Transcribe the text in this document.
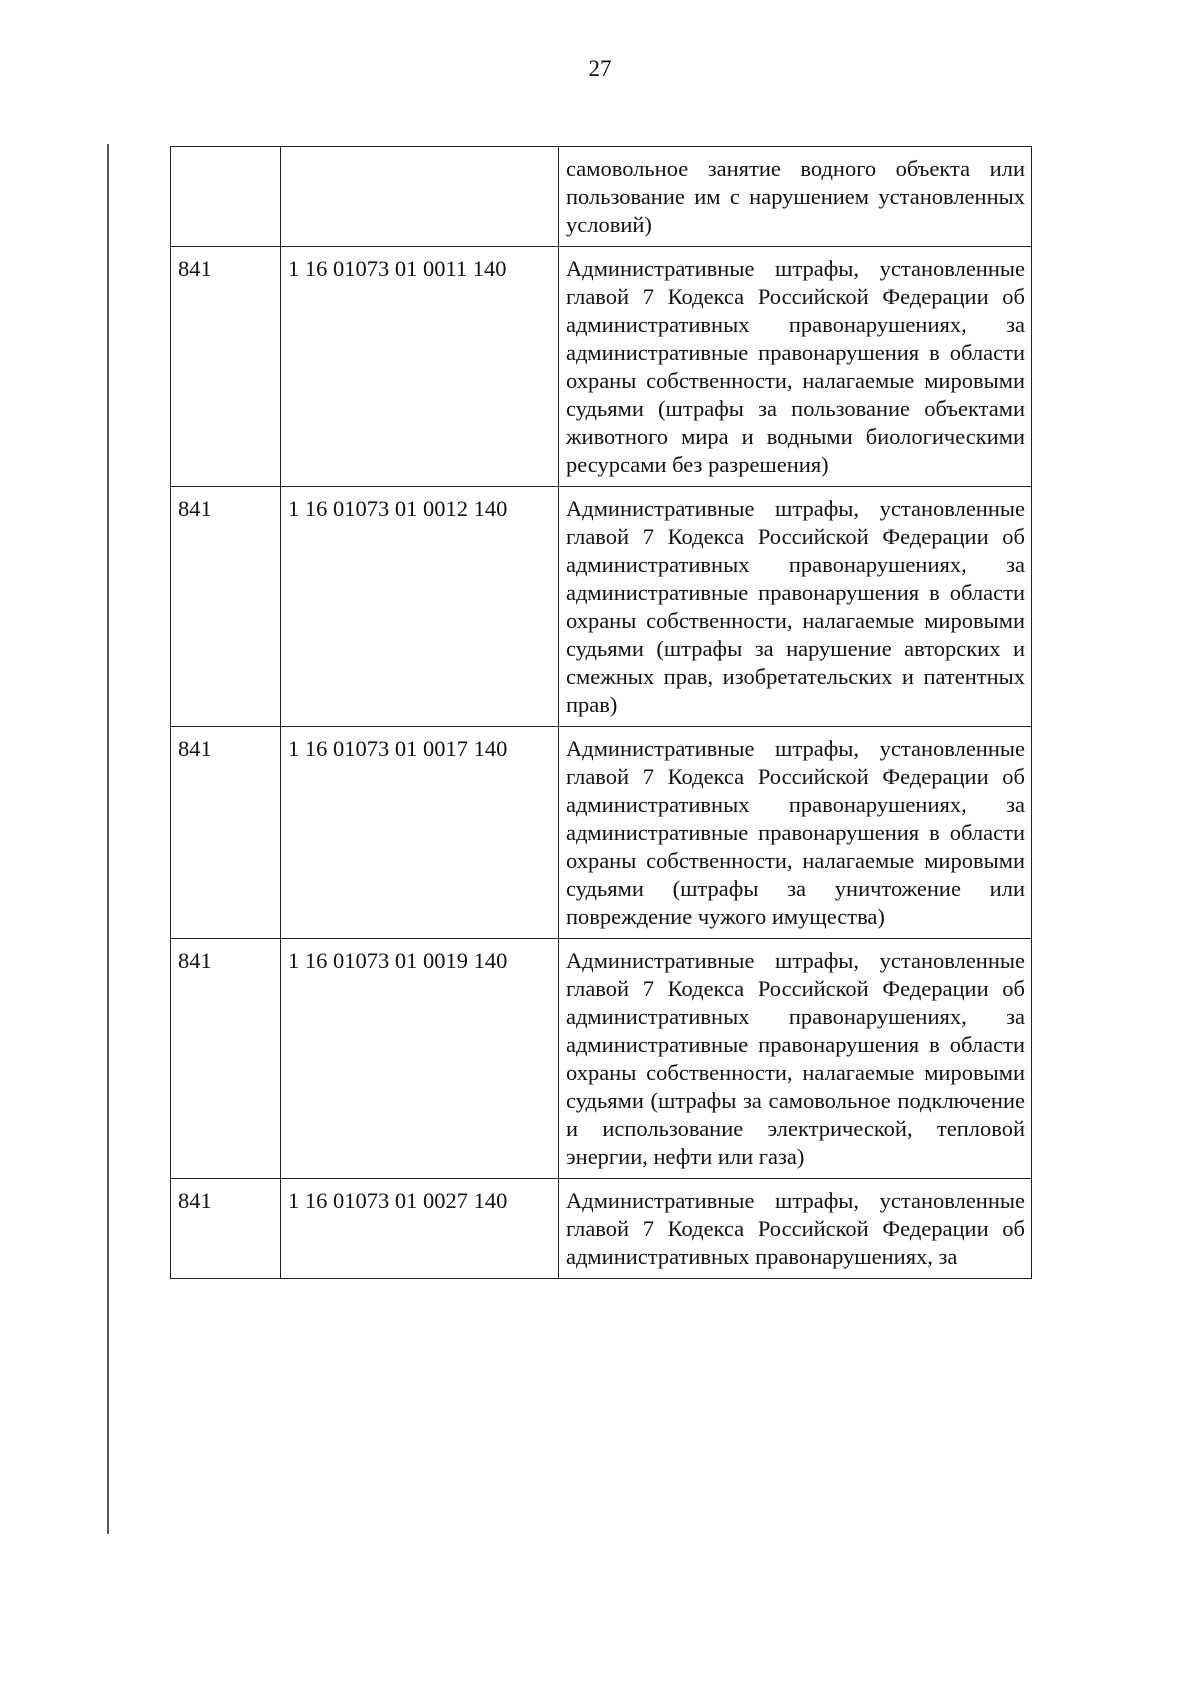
27
		самовольное занятие водного объекта или пользование им с нарушением установленных условий)
841	1 16 01073 01 0011 140	Административные штрафы, установленные главой 7 Кодекса Российской Федерации об административных правонарушениях, за административные правонарушения в области охраны собственности, налагаемые мировыми судьями (штрафы за пользование объектами животного мира и водными биологическими ресурсами без разрешения)
841	1 16 01073 01 0012 140	Административные штрафы, установленные главой 7 Кодекса Российской Федерации об административных правонарушениях, за административные правонарушения в области охраны собственности, налагаемые мировыми судьями (штрафы за нарушение авторских и смежных прав, изобретательских и патентных прав)
841	1 16 01073 01 0017 140	Административные штрафы, установленные главой 7 Кодекса Российской Федерации об административных правонарушениях, за административные правонарушения в области охраны собственности, налагаемые мировыми судьями (штрафы за уничтожение или повреждение чужого имущества)
841	1 16 01073 01 0019 140	Административные штрафы, установленные главой 7 Кодекса Российской Федерации об административных правонарушениях, за административные правонарушения в области охраны собственности, налагаемые мировыми судьями (штрафы за самовольное подключение и использование электрической, тепловой энергии, нефти или газа)
841	1 16 01073 01 0027 140	Административные штрафы, установленные главой 7 Кодекса Российской Федерации об административных правонарушениях, за
